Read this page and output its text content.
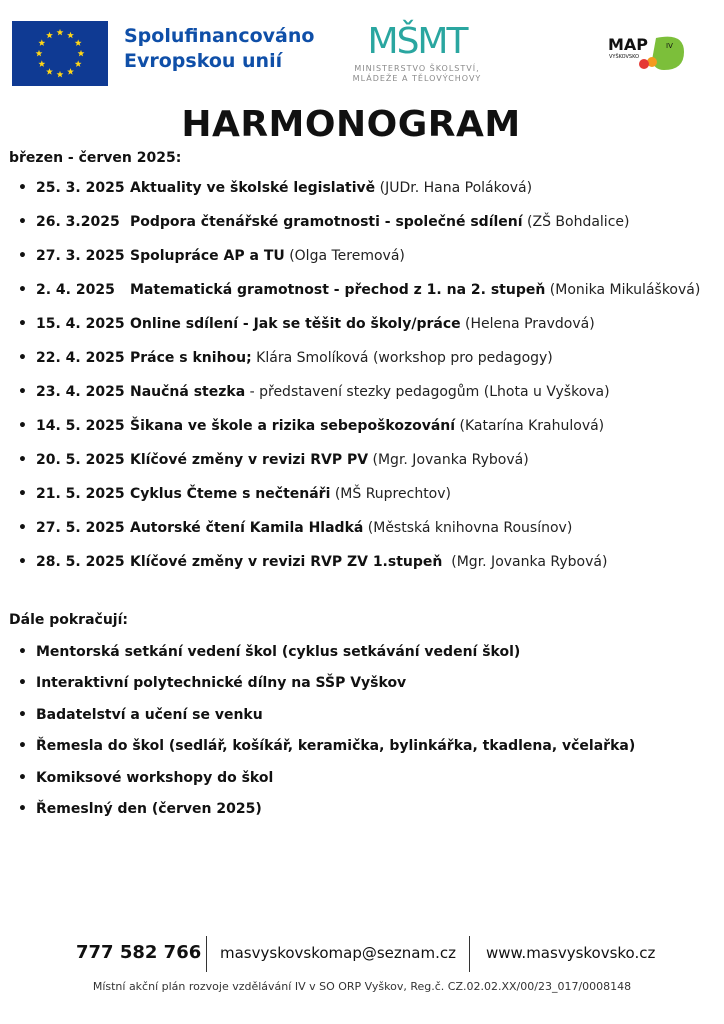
Spolufinancováno
Evropskou unií	MŠMT
MINISTERSTVO ŠKOLSTVÍ,
MLÁDEŽE A TĚLOVÝCHOVY
MAP
VYŠKOVSKO
IV
HARMONOGRAM
březen - červen 2025:
• 25. 3. 2025 Aktuality ve školské legislativě (JUDr. Hana Poláková)
• 26. 3.2025 Podpora čtenářské gramotnosti - společné sdílení (ZŠ Bohdalice)
• 27. 3. 2025 Spolupráce AP a TU (Olga Teremová)
• 2. 4. 2025 Matematická gramotnost - přechod z 1. na 2. stupeň (Monika Mikulášková)
• 15. 4. 2025 Online sdílení - Jak se těšit do školy/práce (Helena Pravdová)
• 22. 4. 2025 Práce s knihou; Klára Smolíková (workshop pro pedagogy)
• 23. 4. 2025 Naučná stezka - představení stezky pedagogům (Lhota u Vyškova)
• 14. 5. 2025 Šikana ve škole a rizika sebepoškozování (Katarína Krahulová)
• 20. 5. 2025 Klíčové změny v revizi RVP PV (Mgr. Jovanka Rybová)
• 21. 5. 2025 Cyklus Čteme s nečtenáři (MŠ Ruprechtov)
• 27. 5. 2025 Autorské čtení Kamila Hladká (Městská knihovna Rousínov)
• 28. 5. 2025 Klíčové změny v revizi RVP ZV 1.stupeň  (Mgr. Jovanka Rybová)
Dále pokračují:
• Mentorská setkání vedení škol (cyklus setkávání vedení škol)
• Interaktivní polytechnické dílny na SŠP Vyškov
• Badatelství a učení se venku
• Řemesla do škol (sedlář, košíkář, keramička, bylinkářka, tkadlena, včelařka)
• Komiksové workshopy do škol
• Řemeslný den (červen 2025)
777 582 766 masvyskovskomap@seznam.cz www.masvyskovsko.cz
Místní akční plán rozvoje vzdělávání IV v SO ORP Vyškov, Reg.č. CZ.02.02.XX/00/23_017/0008148
